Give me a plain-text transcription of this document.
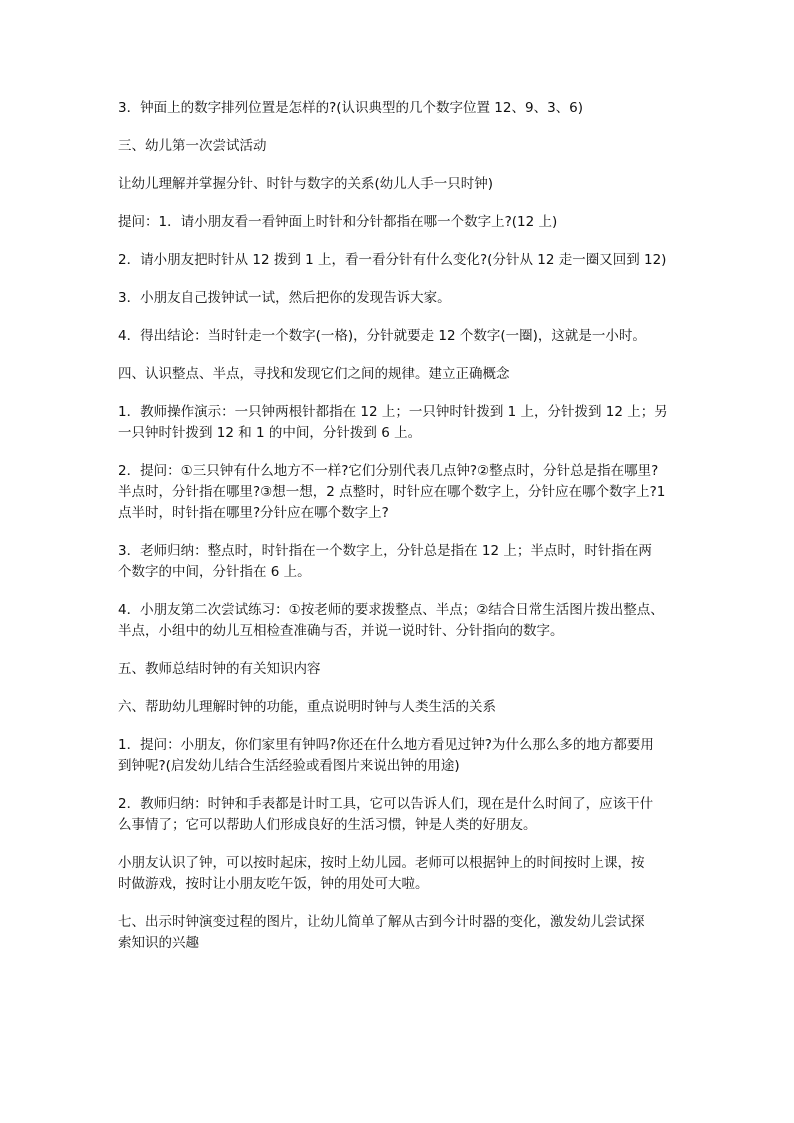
3．钟面上的数字排列位置是怎样的?(认识典型的几个数字位置 12、9、3、6)

三、幼儿第一次尝试活动

让幼儿理解并掌握分针、时针与数字的关系(幼儿人手一只时钟)

提问：1．请小朋友看一看钟面上时针和分针都指在哪一个数字上?(12 上)

2．请小朋友把时针从 12 拨到 1 上，看一看分针有什么变化?(分针从 12 走一圈又回到 12)

3．小朋友自己拨钟试一试，然后把你的发现告诉大家。

4．得出结论：当时针走一个数字(一格)，分针就要走 12 个数字(一圈)，这就是一小时。

四、认识整点、半点，寻找和发现它们之间的规律。建立正确概念

1．教师操作演示：一只钟两根针都指在 12 上；一只钟时针拨到 1 上，分针拨到 12 上；另
一只钟时针拨到 12 和 1 的中间，分针拨到 6 上。

2．提问：①三只钟有什么地方不一样?它们分别代表几点钟?②整点时，分针总是指在哪里?
半点时，分针指在哪里?③想一想，2 点整时，时针应在哪个数字上，分针应在哪个数字上?1
点半时，时针指在哪里?分针应在哪个数字上?

3．老师归纳：整点时，时针指在一个数字上，分针总是指在 12 上；半点时，时针指在两
个数字的中间，分针指在 6 上。

4．小朋友第二次尝试练习：①按老师的要求拨整点、半点；②结合日常生活图片拨出整点、
半点，小组中的幼儿互相检查准确与否，并说一说时针、分针指向的数字。

五、教师总结时钟的有关知识内容

六、帮助幼儿理解时钟的功能，重点说明时钟与人类生活的关系

1．提问：小朋友，你们家里有钟吗?你还在什么地方看见过钟?为什么那么多的地方都要用
到钟呢?(启发幼儿结合生活经验或看图片来说出钟的用途)

2．教师归纳：时钟和手表都是计时工具，它可以告诉人们，现在是什么时间了，应该干什
么事情了；它可以帮助人们形成良好的生活习惯，钟是人类的好朋友。

小朋友认识了钟，可以按时起床，按时上幼儿园。老师可以根据钟上的时间按时上课，按
时做游戏，按时让小朋友吃午饭，钟的用处可大啦。

七、出示时钟演变过程的图片，让幼儿简单了解从古到今计时器的变化，激发幼儿尝试探
索知识的兴趣
